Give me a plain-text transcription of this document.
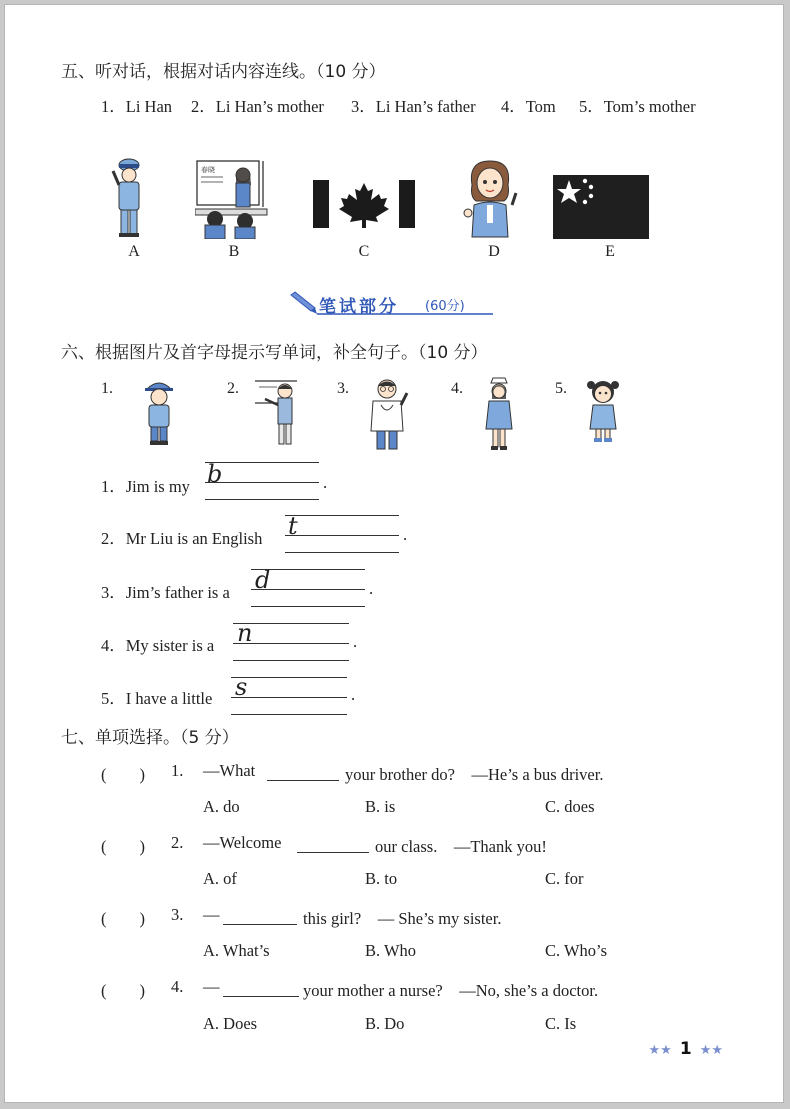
五、听对话，根据对话内容连线。（10 分）
1．Li Han 2．Li Han’s mother 3．Li Han’s father 4．Tom 5．Tom’s mother
春晓
A	B	C	D	E
笔试部分 (60分)
六、根据图片及首字母提示写单词，补全句子。（10 分）
1.	2.	3.	4.	5.
1．Jim is my b	.
2．Mr Liu is an English t	.
3．Jim’s father is a d	.
4．My sister is a n	.
5．I have a little s	.
七、单项选择。（5 分）
(　　) 1. —What	your brother do?　—He’s a bus driver.
A. do	B. is	C. does
(　　) 2. —Welcome	our class.　—Thank you!
A. of	B. to	C. for
(　　) 3. —	this girl?　— She’s my sister.
A. What’s	B. Who	C. Who’s
(　　) 4. —	your mother a nurse?　—No, she’s a doctor.
A. Does	B. Do	C. Is
★★ 1 ★★
